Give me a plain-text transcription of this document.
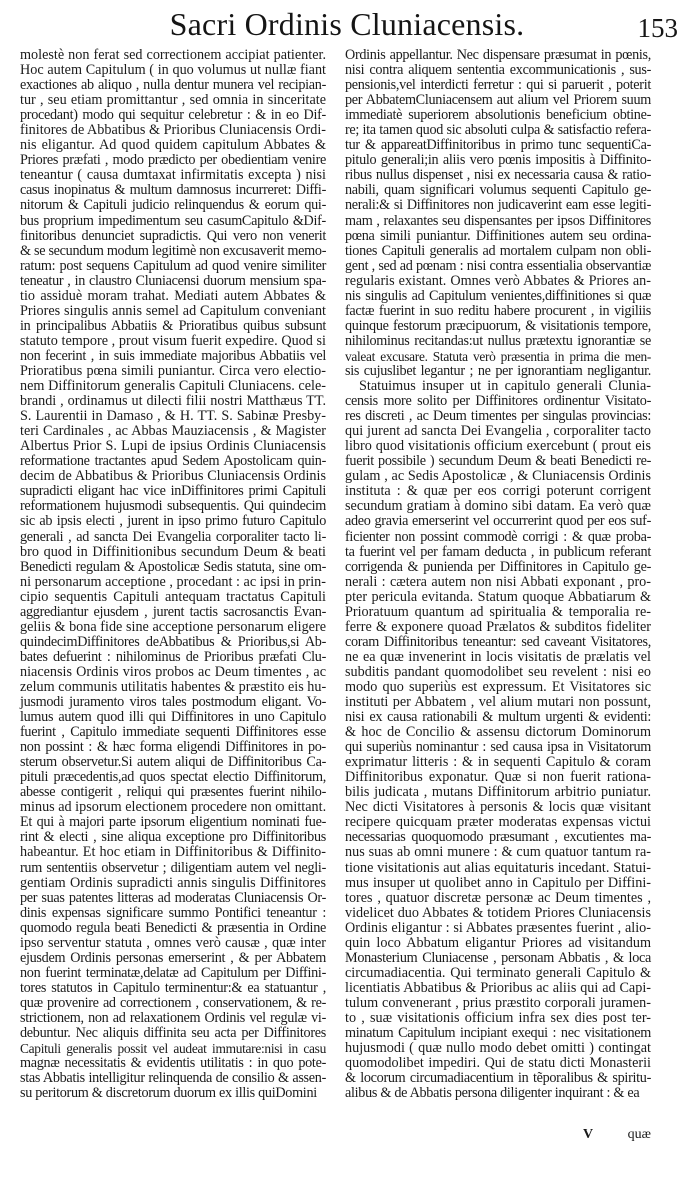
Sacri Ordinis Cluniacensis.	153
molestè non ferat sed correctionem accipiat patienter.
Hoc autem Capitulum ( in quo volumus ut nullæ fiant
exactiones ab aliquo , nulla dentur munera vel recipian-
tur , seu etiam promittantur , sed omnia in sinceritate
procedant) modo qui sequitur celebretur : & in eo Dif-
finitores de Abbatibus & Prioribus Cluniacensis Ordi-
nis eligantur. Ad quod quidem capitulum Abbates &
Priores præfati , modo prædicto per obedientiam venire
teneantur ( causa dumtaxat infirmitatis excepta ) nisi
casus inopinatus & multum damnosus incurreret: Diffi-
nitorum & Capituli judicio relinquendus & eorum qui-
bus proprium impedimentum seu casumCapitulo &Dif-
finitoribus denunciet supradictis. Qui vero non venerit
& se secundum modum legitimè non excusaverit memo-
ratum: post sequens Capitulum ad quod venire similiter
teneatur , in claustro Cluniacensi duorum mensium spa-
tio assiduè moram trahat. Mediati autem Abbates &
Priores singulis annis semel ad Capitulum conveniant
in principalibus Abbatiis & Prioratibus quibus subsunt
statuto tempore , prout visum fuerit expedire. Quod si
non fecerint , in suis immediate majoribus Abbatiis vel
Prioratibus pœna simili puniantur. Circa vero electio-
nem Diffinitorum generalis Capituli Cluniacens. cele-
brandi , ordinamus ut dilecti filii nostri Matthæus TT.
S. Laurentii in Damaso , & H. TT. S. Sabinæ Presby-
teri Cardinales , ac Abbas Mauziacensis , & Magister
Albertus Prior S. Lupi de ipsius Ordinis Cluniacensis
reformatione tractantes apud Sedem Apostolicam quin-
decim de Abbatibus & Prioribus Cluniacensis Ordinis
supradicti eligant hac vice inDiffinitores primi Capituli
reformationem hujusmodi subsequentis. Qui quindecim
sic ab ipsis electi , jurent in ipso primo futuro Capitulo
generali , ad sancta Dei Evangelia corporaliter tacto li-
bro quod in Diffinitionibus secundum Deum & beati
Benedicti regulam & Apostolicæ Sedis statuta, sine om-
ni personarum acceptione , procedant : ac ipsi in prin-
cipio sequentis Capituli antequam tractatus Capituli
aggrediantur ejusdem , jurent tactis sacrosanctis Evan-
geliis & bona fide sine acceptione personarum eligere
quindecimDiffinitores deAbbatibus & Prioribus,si Ab-
bates defuerint : nihilominus de Prioribus præfati Clu-
niacensis Ordinis viros probos ac Deum timentes , ac
zelum communis utilitatis habentes & præstito eis hu-
jusmodi juramento viros tales postmodum eligant. Vo-
lumus autem quod illi qui Diffinitores in uno Capitulo
fuerint , Capitulo immediate sequenti Diffinitores esse
non possint : & hæc forma eligendi Diffinitores in po-
sterum observetur.Si autem aliqui de Diffinitoribus Ca-
pituli præcedentis,ad quos spectat electio Diffinitorum,
abesse contigerit , reliqui qui præsentes fuerint nihilo-
minus ad ipsorum electionem procedere non omittant.
Et qui à majori parte ipsorum eligentium nominati fue-
rint & electi , sine aliqua exceptione pro Diffinitoribus
habeantur. Et hoc etiam in Diffinitoribus & Diffinito-
rum sententiis observetur ; diligentiam autem vel negli-
gentiam Ordinis supradicti annis singulis Diffinitores
per suas patentes litteras ad moderatas Cluniacensis Or-
dinis expensas significare summo Pontifici teneantur :
quomodo regula beati Benedicti & præsentia in Ordine
ipso serventur statuta , omnes verò causæ , quæ inter
ejusdem Ordinis personas emerserint , & per Abbatem
non fuerint terminatæ,delatæ ad Capitulum per Diffini-
tores statutos in Capitulo terminentur:& ea statuantur ,
quæ provenire ad correctionem , conservationem, & re-
strictionem, non ad relaxationem Ordinis vel regulæ vi-
debuntur. Nec aliquis diffinita seu acta per Diffinitores
Capituli generalis possit vel audeat immutare:nisi in casu
magnæ necessitatis & evidentis utilitatis : in quo pote-
stas Abbatis intelligitur relinquenda de consilio & assen-
su peritorum & discretorum duorum ex illis quiDomini
Ordinis appellantur. Nec dispensare præsumat in pœnis,
nisi contra aliquem sententia excommunicationis , sus-
pensionis,vel interdicti ferretur : qui si paruerit , poterit
per AbbatemCluniacensem aut alium vel Priorem suum
immediatè superiorem absolutionis beneficium obtine-
re; ita tamen quod sic absoluti culpa & satisfactio referа-
tur & appareatDiffinitoribus in primo tunc sequentiCa-
pitulo generali;in aliis vero pœnis impositis à Diffinito-
ribus nullus dispenset , nisi ex necessaria causa & ratio-
nabili, quam significari volumus sequenti Capitulo ge-
nerali:& si Diffinitores non judicaverint eam esse legiti-
mam , relaxantes seu dispensantes per ipsos Diffinitores
pœna simili puniantur. Diffinitiones autem seu ordina-
tiones Capituli generalis ad mortalem culpam non obli-
gent , sed ad pœnam : nisi contra essentialia observantiæ
regularis existant. Omnes verò Abbates & Priores an-
nis singulis ad Capitulum venientes,diffinitiones si quæ
factæ fuerint in suo reditu habere procurent , in vigiliis
quinque festorum præcipuorum, & visitationis tempore,
nihilominus recitandas:ut nullus prætextu ignorantiæ se
valeat excusare. Statuta verò præsentia in prima die men-
sis cujuslibet legantur ; ne per ignorantiam negligantur.
Statuimus insuper ut in capitulo generali Clunia-
censis more solito per Diffinitores ordinentur Visitato-
res discreti , ac Deum timentes per singulas provincias:
qui jurent ad sancta Dei Evangelia , corporaliter tacto
libro quod visitationis officium exercebunt ( prout eis
fuerit possibile ) secundum Deum & beati Benedicti re-
gulam , ac Sedis Apostolicæ , & Cluniacensis Ordinis
instituta : & quæ per eos corrigi poterunt corrigent
secundum gratiam à domino sibi datam. Ea verò quæ
adeo gravia emerserint vel occurrerint quod per eos suf-
ficienter non possint commodè corrigi : & quæ proba-
ta fuerint vel per famam deducta , in publicum referant
corrigenda & punienda per Diffinitores in Capitulo ge-
nerali : cætera autem non nisi Abbati exponant , pro-
pter pericula evitanda. Statum quoque Abbatiarum &
Prioratuum quantum ad spiritualia & temporalia re-
ferre & exponere quoad Prælatos & subditos fideliter
coram Diffinitoribus teneantur: sed caveant Visitatores,
ne ea quæ invenerint in locis visitatis de prælatis vel
subditis pandant quomodolibet seu revelent : nisi eo
modo quo superiùs est expressum. Et Visitatores sic
instituti per Abbatem , vel alium mutari non possunt,
nisi ex causa rationabili & multum urgenti & evidenti:
& hoc de Concilio & assensu dictorum Dominorum
qui superiùs nominantur : sed causa ipsa in Visitatorum
exprimatur litteris : & in sequenti Capitulo & coram
Diffinitoribus exponatur. Quæ si non fuerit rationa-
bilis judicata , mutans Diffinitorum arbitrio puniatur.
Nec dicti Visitatores à personis & locis quæ visitant
recipere quicquam præter moderatas expensas victui
necessarias quoquomodo præsumant , excutientes ma-
nus suas ab omni munere : & cum quatuor tantum ra-
tione visitationis aut alias equitaturis incedant. Statui-
mus insuper ut quolibet anno in Capitulo per Diffini-
tores , quatuor discretæ personæ ac Deum timentes ,
videlicet duo Abbates & totidem Priores Cluniacensis
Ordinis eligantur : si Abbates præsentes fuerint , alio-
quin loco Abbatum eligantur Priores ad visitandum
Monasterium Cluniacense , personam Abbatis , & loca
circumadiacentia. Qui terminato generali Capitulo &
licentiatis Abbatibus & Prioribus ac aliis qui ad Capi-
tulum convenerant , prius præstito corporali juramen-
to , suæ visitationis officium infra sex dies post ter-
minatum Capitulum incipiant exequi : nec visitationem
hujusmodi ( quæ nullo modo debet omitti ) contingat
quomodolibet impediri. Qui de statu dicti Monasterii
& locorum circumadiacentium in tẽporalibus & spiritu-
alibus & de Abbatis persona diligenter inquirant : & ea
V quæ
